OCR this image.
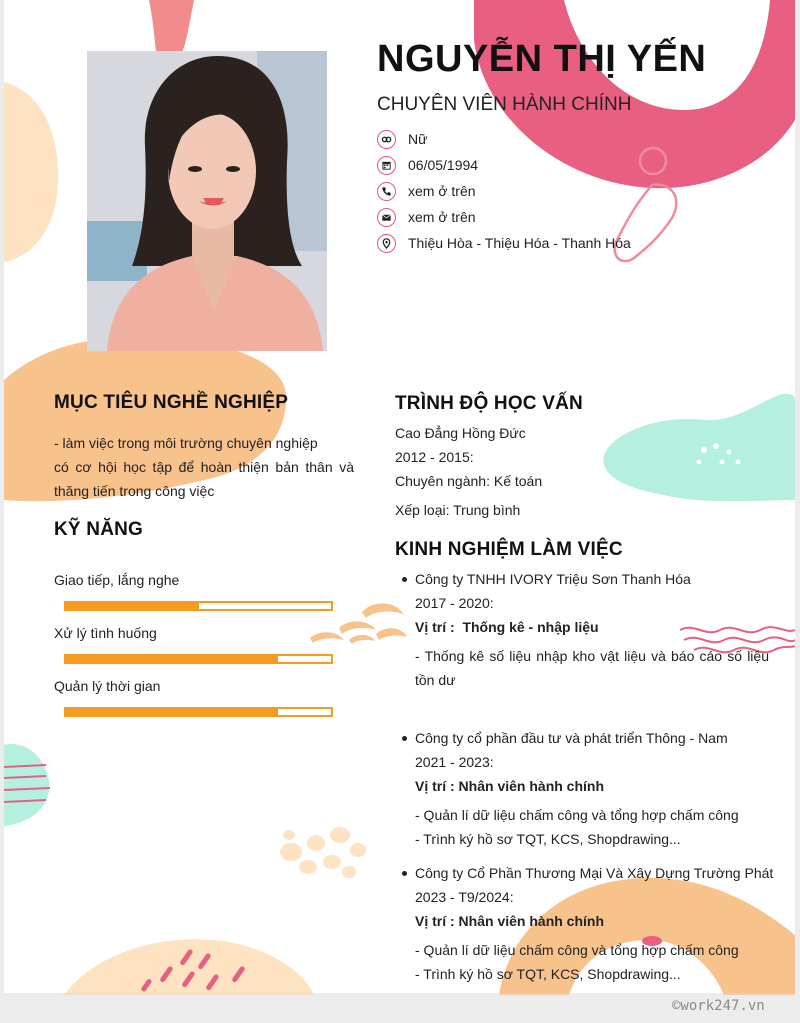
NGUYỄN THỊ YẾN
CHUYÊN VIÊN HÀNH CHÍNH
Nữ
06/05/1994
xem ở trên
xem ở trên
Thiệu Hòa - Thiệu Hóa - Thanh Hóa
MỤC TIÊU NGHỀ NGHIỆP
- làm việc trong môi trường chuyên nghiệp
có cơ hội học tập để hoàn thiện bản thân và
thăng tiến trong công việc
KỸ NĂNG
Giao tiếp, lắng nghe
Xử lý tình huống
Quản lý thời gian
TRÌNH ĐỘ HỌC VẤN
Cao Đẳng Hồng Đức
2012 - 2015:
Chuyên ngành: Kế toán
Xếp loại: Trung bình
KINH NGHIỆM LÀM VIỆC
Công ty TNHH IVORY Triệu Sơn Thanh Hóa
2017 - 2020:
Vị trí :  Thống kê - nhập liệu
- Thống kê số liệu nhập kho vật liệu và báo cáo số liệu
tồn dư
Công ty cổ phần đầu tư và phát triển Thông - Nam
2021 - 2023:
Vị trí : Nhân viên hành chính
- Quản lí dữ liệu chấm công và tổng hợp chấm công
- Trình ký hồ sơ TQT, KCS, Shopdrawing...
Công ty Cổ Phần Thương Mại Và Xây Dựng Trường Phát
2023 - T9/2024:
Vị trí : Nhân viên hành chính
- Quản lí dữ liệu chấm công và tổng hợp chấm công
- Trình ký hồ sơ TQT, KCS, Shopdrawing...
©work247.vn
